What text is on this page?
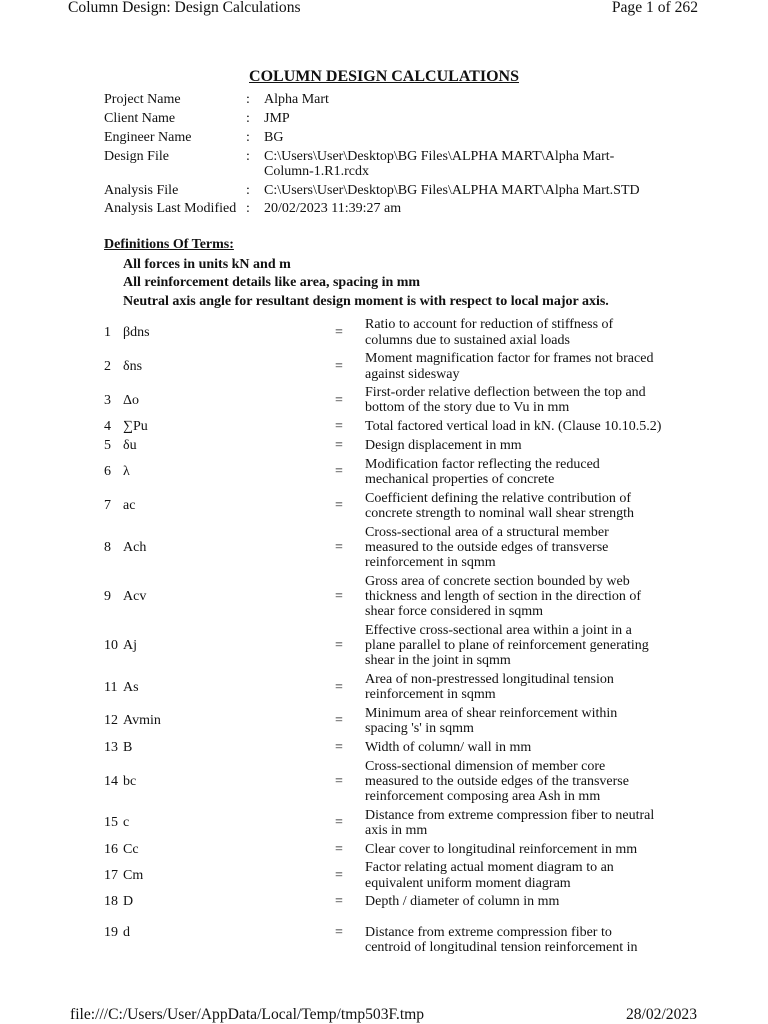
Column Design: Design Calculations	Page 1 of 262
COLUMN DESIGN CALCULATIONS
Project Name	:	Alpha Mart
Client Name	:	JMP
Engineer Name	:	BG
Design File	:	C:\Users\User\Desktop\BG Files\ALPHA MART\Alpha Mart-
Column-1.R1.rcdx
Analysis File	:	C:\Users\User\Desktop\BG Files\ALPHA MART\Alpha Mart.STD
Analysis Last Modified :	20/02/2023 11:39:27 am
Definitions Of Terms:
All forces in units kN and m
All reinforcement details like area, spacing in mm
Neutral axis angle for resultant design moment is with respect to local major axis.
1 βdns	=
Ratio to account for reduction of stiffness of
columns due to sustained axial loads
2 δns	=
Moment magnification factor for frames not braced
against sidesway
3 Δo	=
First-order relative deflection between the top and
bottom of the story due to Vu in mm
4 ∑Pu	= Total factored vertical load in kN. (Clause 10.10.5.2)
5 δu	= Design displacement in mm
6 λ	=
Modification factor reflecting the reduced
mechanical properties of concrete
7 ac	=
Coefficient defining the relative contribution of
concrete strength to nominal wall shear strength
8 Ach	=
Cross-sectional area of a structural member
measured to the outside edges of transverse
reinforcement in sqmm
9 Acv	=
Gross area of concrete section bounded by web
thickness and length of section in the direction of
shear force considered in sqmm
10 Aj	=
Effective cross-sectional area within a joint in a
plane parallel to plane of reinforcement generating
shear in the joint in sqmm
11 As	=
Area of non-prestressed longitudinal tension
reinforcement in sqmm
12 Avmin	=
Minimum area of shear reinforcement within
spacing 's' in sqmm
13 B	= Width of column/ wall in mm
14 bc	=
Cross-sectional dimension of member core
measured to the outside edges of the transverse
reinforcement composing area Ash in mm
15 c	=
Distance from extreme compression fiber to neutral
axis in mm
16 Cc	= Clear cover to longitudinal reinforcement in mm
17 Cm	=
Factor relating actual moment diagram to an
equivalent uniform moment diagram
18 D	= Depth / diameter of column in mm
19 d	= Distance from extreme compression fiber to
centroid of longitudinal tension reinforcement in
file:///C:/Users/User/AppData/Local/Temp/tmp503F.tmp	28/02/2023
